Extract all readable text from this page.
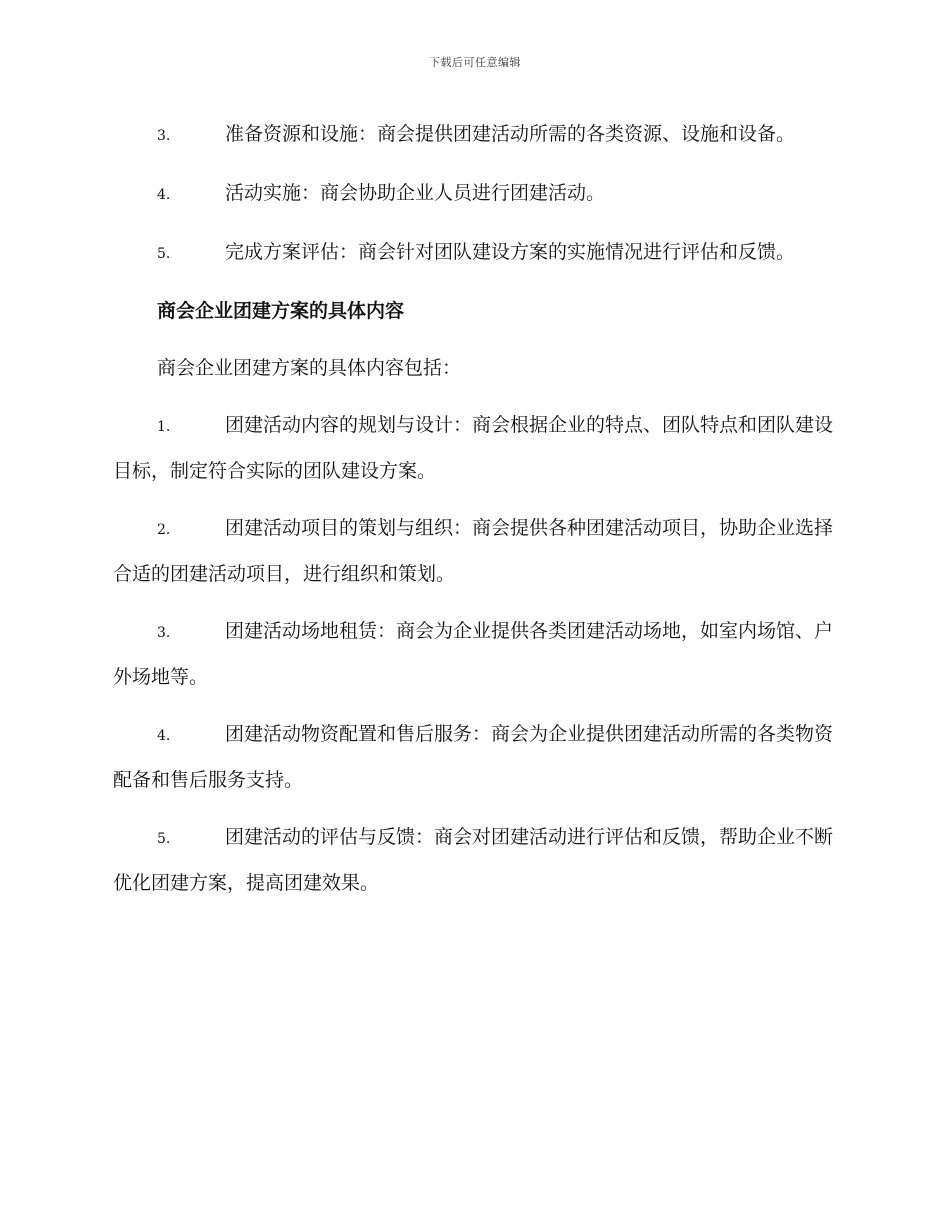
下载后可任意编辑

3.	准备资源和设施：商会提供团建活动所需的各类资源、设施和设备。

4.	活动实施：商会协助企业人员进行团建活动。

5.	完成方案评估：商会针对团队建设方案的实施情况进行评估和反馈。

商会企业团建方案的具体内容

商会企业团建方案的具体内容包括：

1.	团建活动内容的规划与设计：商会根据企业的特点、团队特点和团队建设目标，制定符合实际的团队建设方案。

2.	团建活动项目的策划与组织：商会提供各种团建活动项目，协助企业选择合适的团建活动项目，进行组织和策划。

3.	团建活动场地租赁：商会为企业提供各类团建活动场地，如室内场馆、户外场地等。

4.	团建活动物资配置和售后服务：商会为企业提供团建活动所需的各类物资配备和售后服务支持。

5.	团建活动的评估与反馈：商会对团建活动进行评估和反馈，帮助企业不断优化团建方案，提高团建效果。
